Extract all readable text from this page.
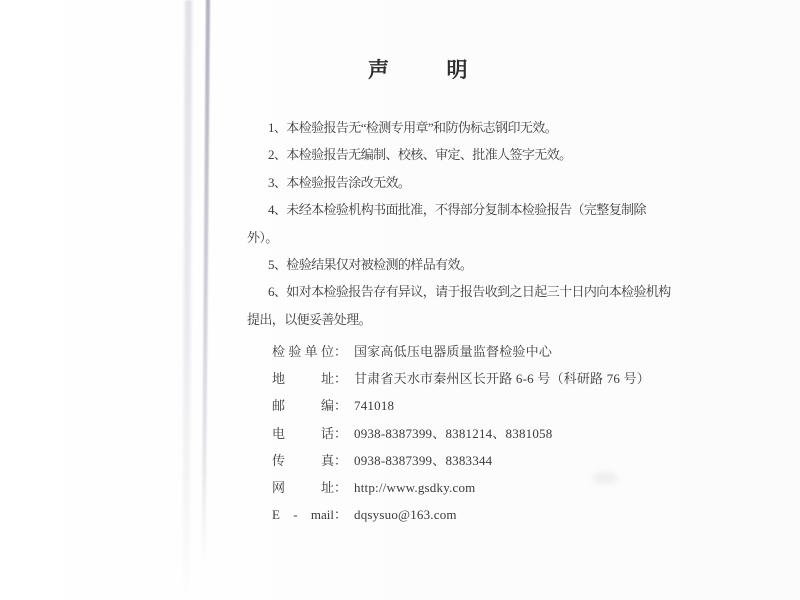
声	明
1、本检验报告无“检测专用章”和防伪标志钢印无效。
2、本检验报告无编制、校核、审定、批准人签字无效。
3、本检验报告涂改无效。
4、未经本检验机构书面批准，不得部分复制本检验报告（完整复制除外）。
5、检验结果仅对被检测的样品有效。
6、如对本检验报告存有异议，请于报告收到之日起三十日内向本检验机构提出，以便妥善处理。
检验单位： 国家高低压电器质量监督检验中心
地址： 甘肃省天水市秦州区长开路 6-6 号（科研路 76 号）
邮编： 741018
电话： 0938-8387399、8381214、8381058
传真： 0938-8387399、8383344
网址： http://www.gsdky.com
E - mail： dqsysuo@163.com
